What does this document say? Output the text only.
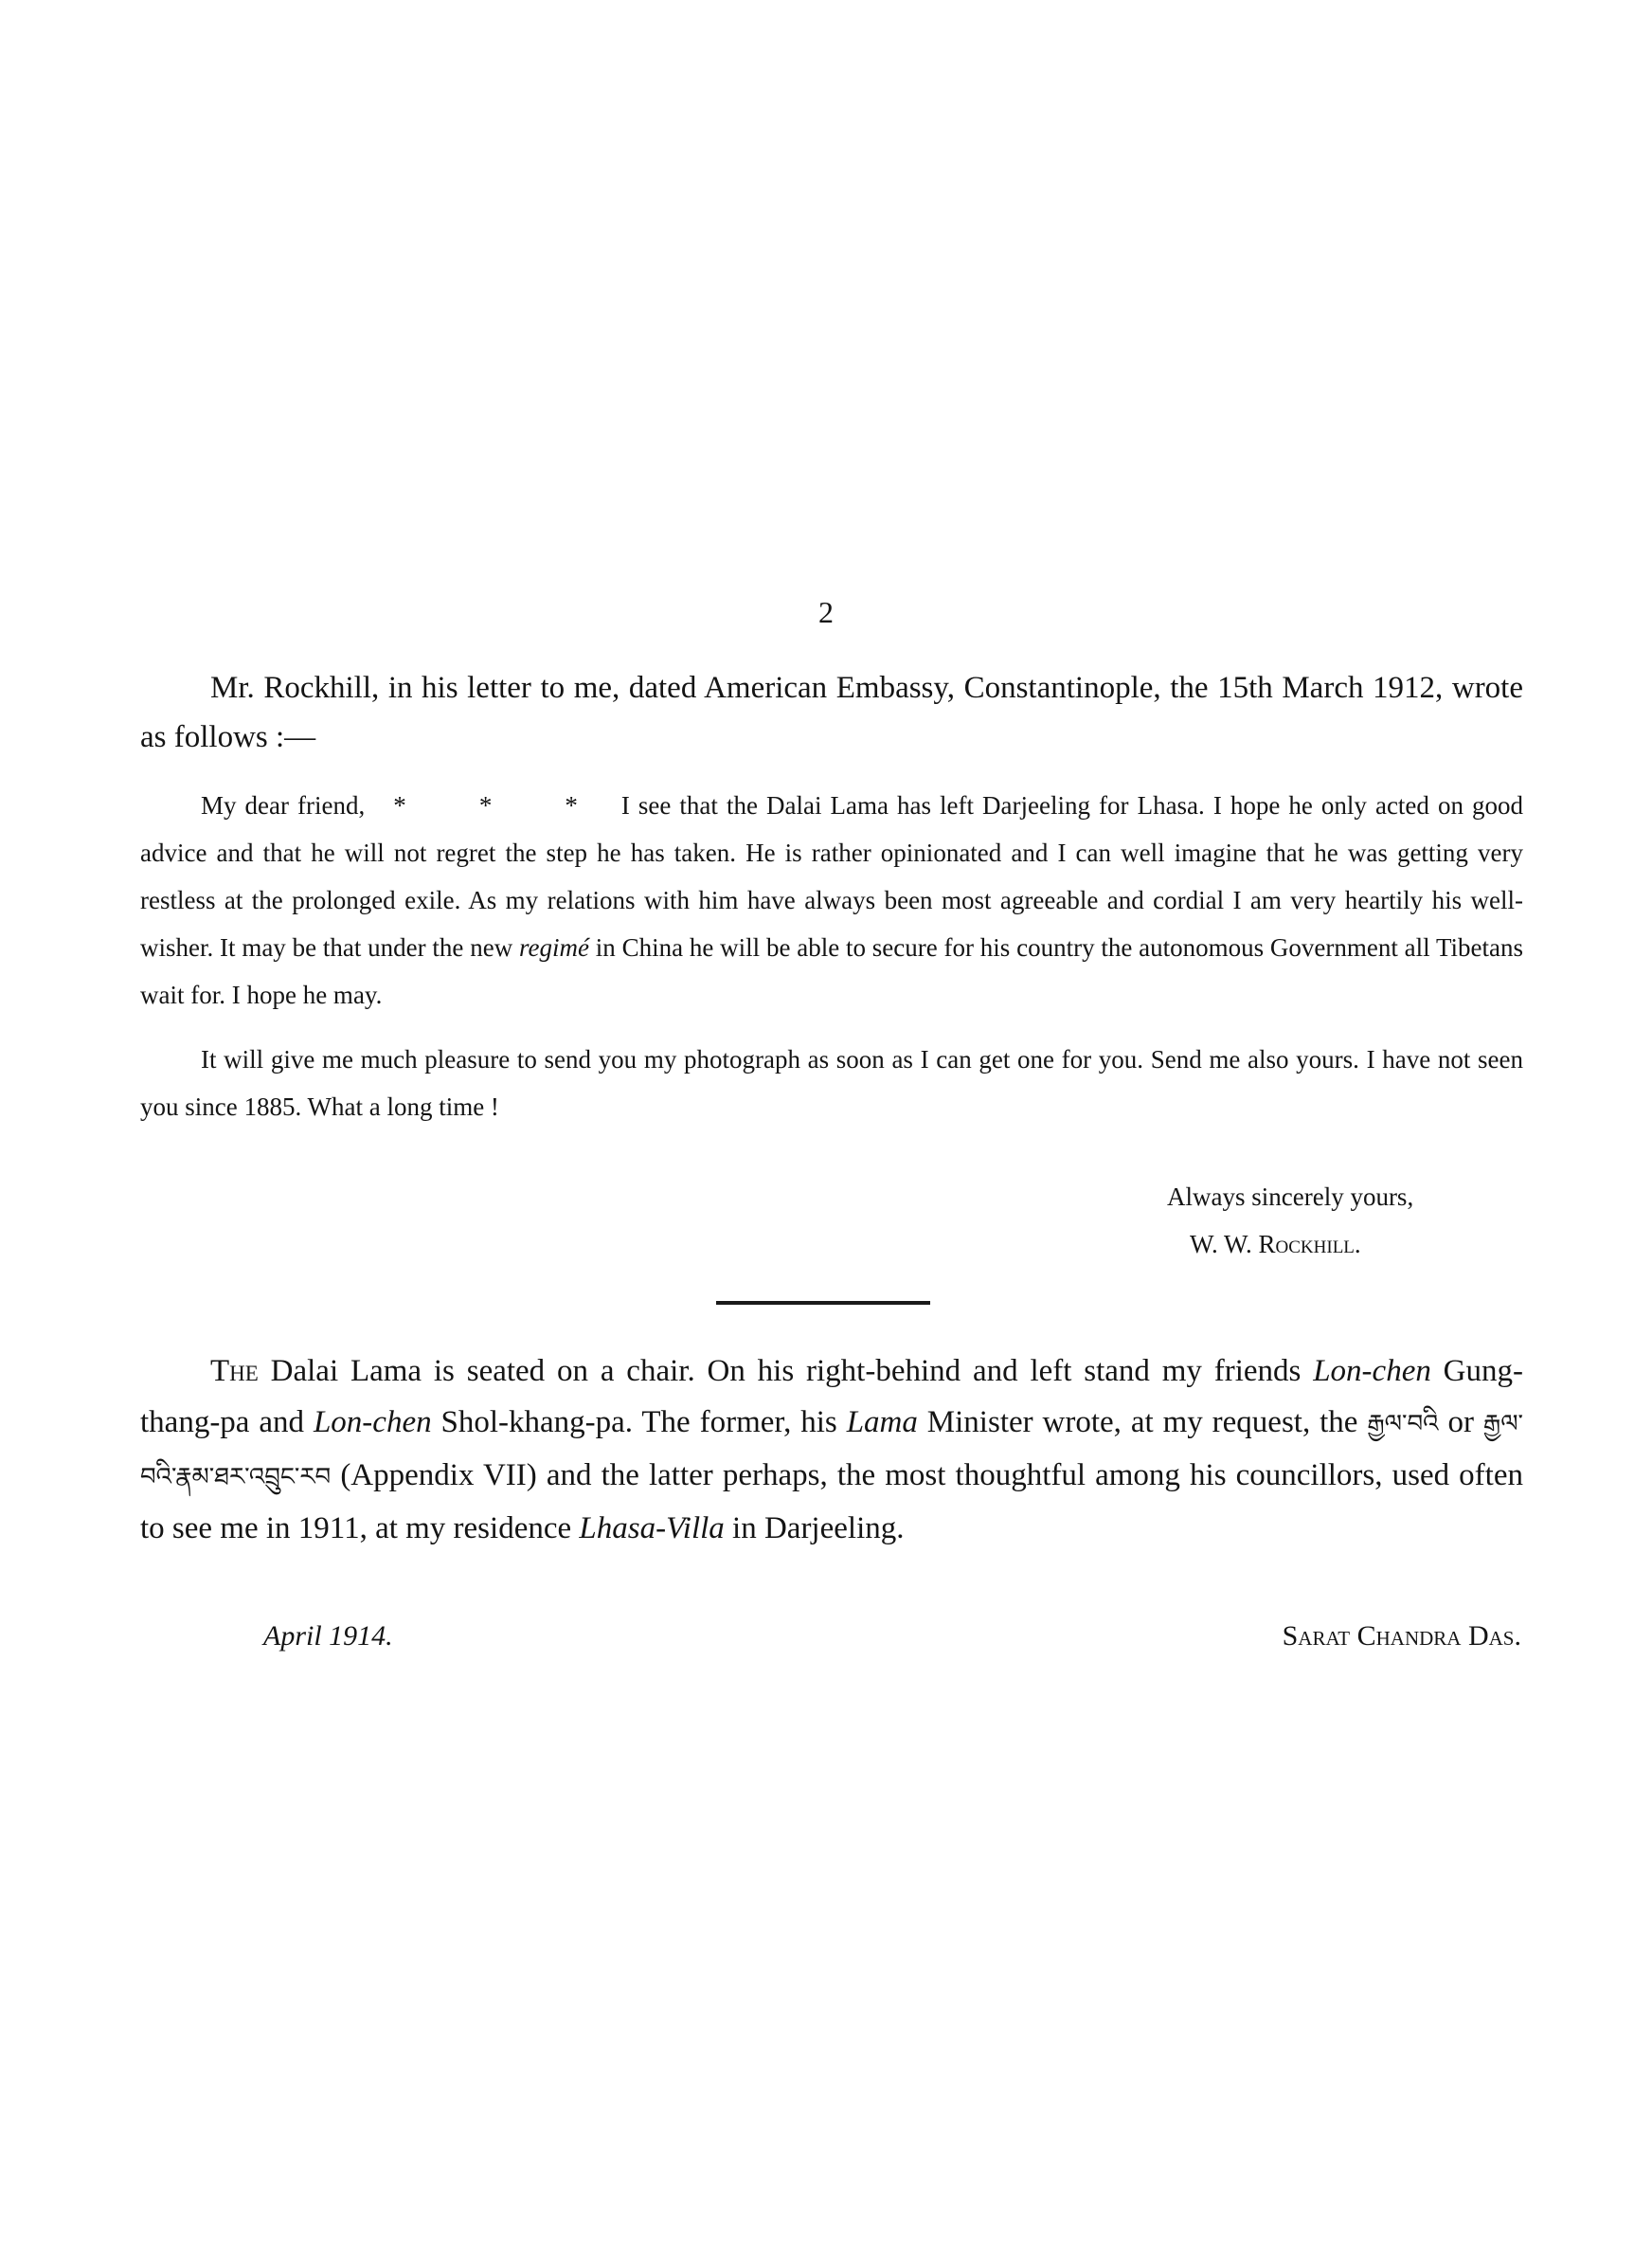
2

Mr. Rockhill, in his letter to me, dated American Embassy, Constantinople, the 15th March 1912, wrote as follows :—

My dear friend, * * * I see that the Dalai Lama has left Darjeeling for Lhasa. I hope he only acted on good advice and that he will not regret the step he has taken. He is rather opinionated and I can well imagine that he was getting very restless at the prolonged exile. As my relations with him have always been most agreeable and cordial I am very heartily his well-wisher. It may be that under the new regimé in China he will be able to secure for his country the autonomous Government all Tibetans wait for. I hope he may.

It will give me much pleasure to send you my photograph as soon as I can get one for you. Send me also yours. I have not seen you since 1885. What a long time !

Always sincerely yours,
W. W. Rockhill.

The Dalai Lama is seated on a chair. On his right-behind and left stand my friends Lon-chen Gung-thang-pa and Lon-chen Shol-khang-pa. The former, his Lama Minister wrote, at my request, the རྒྱལ་བའི or རྒྱལ་བའི་རྣམ་ཐར་འབྲུང་རབ (Appendix VII) and the latter perhaps, the most thoughtful among his councillors, used often to see me in 1911, at my residence Lhasa-Villa in Darjeeling.

April 1914.	Sarat Chandra Das.
